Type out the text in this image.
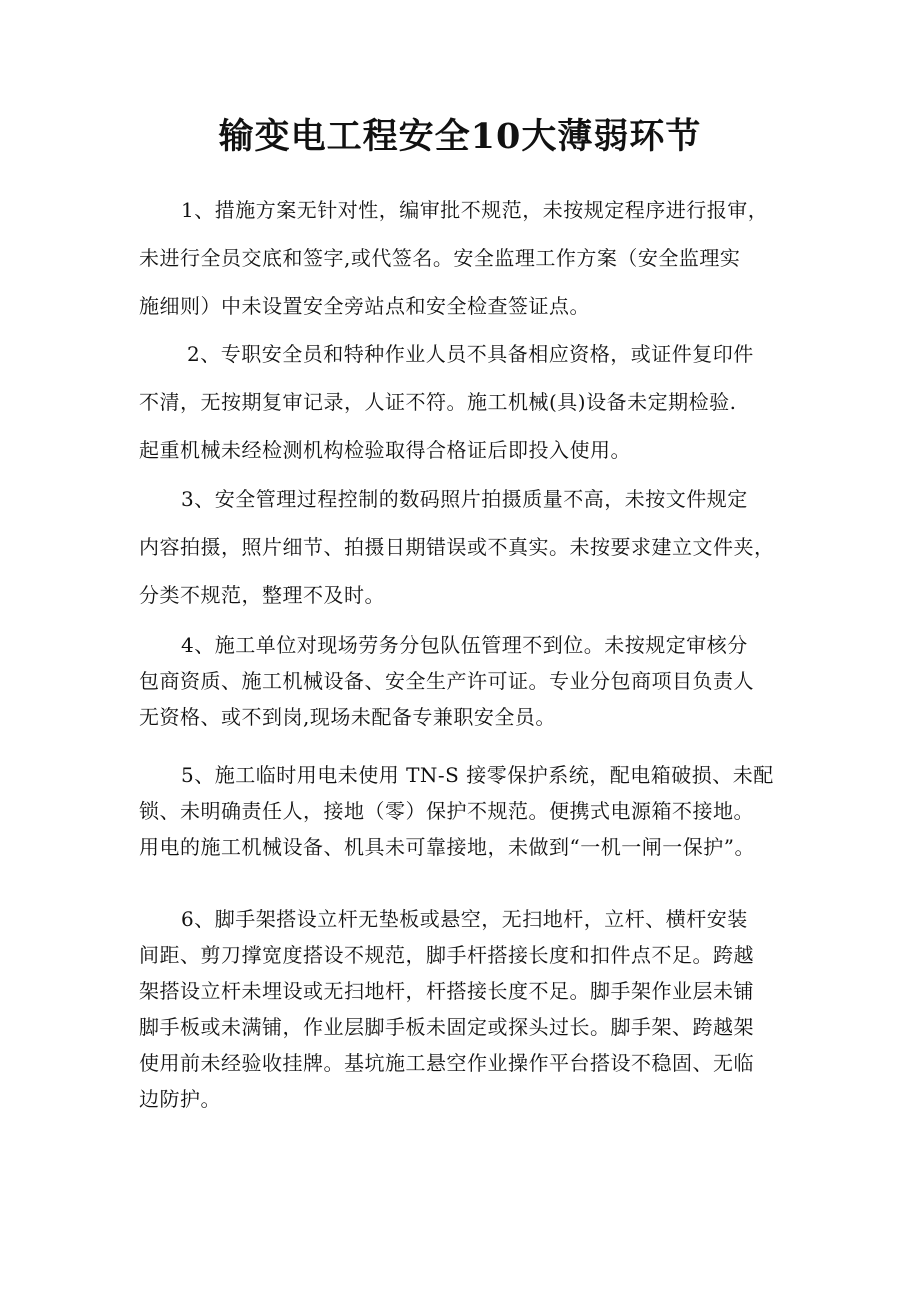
输变电工程安全10大薄弱环节
1、措施方案无针对性，编审批不规范，未按规定程序进行报审，
未进行全员交底和签字,或代签名。安全监理工作方案（安全监理实
施细则）中未设置安全旁站点和安全检查签证点。
2、专职安全员和特种作业人员不具备相应资格，或证件复印件
不清，无按期复审记录，人证不符。施工机械(具)设备未定期检验.
起重机械未经检测机构检验取得合格证后即投入使用。
3、安全管理过程控制的数码照片拍摄质量不高，未按文件规定
内容拍摄，照片细节、拍摄日期错误或不真实。未按要求建立文件夹，
分类不规范，整理不及时。
4、施工单位对现场劳务分包队伍管理不到位。未按规定审核分
包商资质、施工机械设备、安全生产许可证。专业分包商项目负责人
无资格、或不到岗,现场未配备专兼职安全员。
5、施工临时用电未使用 TN-S 接零保护系统，配电箱破损、未配
锁、未明确责任人，接地（零）保护不规范。便携式电源箱不接地。
用电的施工机械设备、机具未可靠接地，未做到“一机一闸一保护”。
6、脚手架搭设立杆无垫板或悬空，无扫地杆，立杆、横杆安装
间距、剪刀撑宽度搭设不规范，脚手杆搭接长度和扣件点不足。跨越
架搭设立杆未埋设或无扫地杆，杆搭接长度不足。脚手架作业层未铺
脚手板或未满铺，作业层脚手板未固定或探头过长。脚手架、跨越架
使用前未经验收挂牌。基坑施工悬空作业操作平台搭设不稳固、无临
边防护。
